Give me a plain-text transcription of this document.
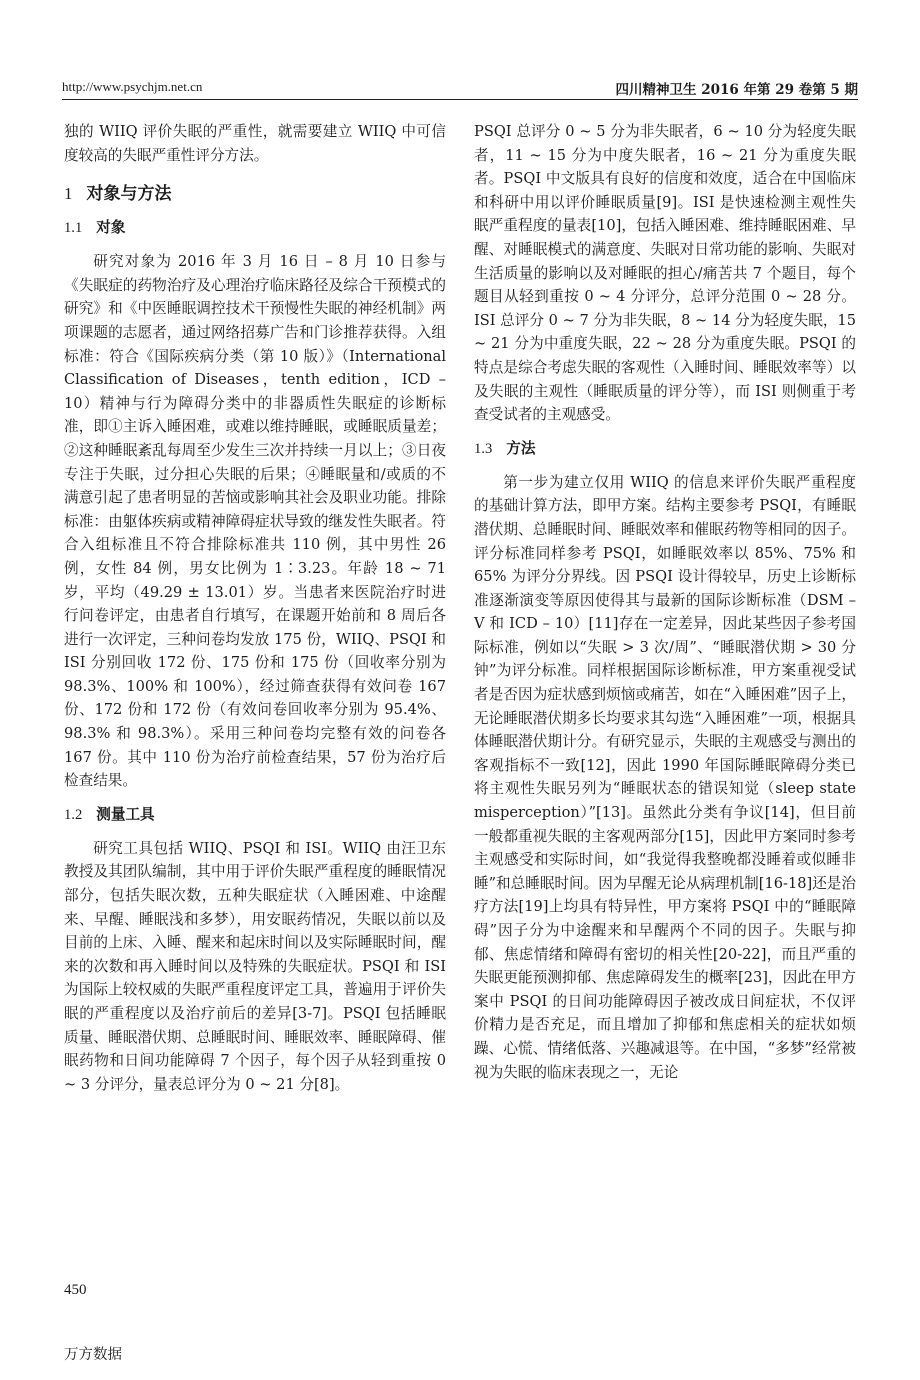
http://www.psychjm.net.cn	四川精神卫生 2016 年第 29 卷第 5 期

独的 WIIQ 评价失眠的严重性，就需要建立 WIIQ 中可信度较高的失眠严重性评分方法。

1 对象与方法
1.1 对象

研究对象为 2016 年 3 月 16 日 – 8 月 10 日参与《失眠症的药物治疗及心理治疗临床路径及综合干预模式的研究》和《中医睡眠调控技术干预慢性失眠的神经机制》两项课题的志愿者，通过网络招募广告和门诊推荐获得。入组标准：符合《国际疾病分类（第 10 版）》（International Classification of Diseases，tenth edition，ICD – 10）精神与行为障碍分类中的非器质性失眠症的诊断标准，即①主诉入睡困难，或难以维持睡眠，或睡眠质量差；②这种睡眠紊乱每周至少发生三次并持续一月以上；③日夜专注于失眠，过分担心失眠的后果；④睡眠量和/或质的不满意引起了患者明显的苦恼或影响其社会及职业功能。排除标准：由躯体疾病或精神障碍症状导致的继发性失眠者。符合入组标准且不符合排除标准共 110 例，其中男性 26 例，女性 84 例，男女比例为 1∶3.23。年龄 18 ~ 71 岁，平均（49.29 ± 13.01）岁。当患者来医院治疗时进行问卷评定，由患者自行填写，在课题开始前和 8 周后各进行一次评定，三种问卷均发放 175 份，WIIQ、PSQI 和 ISI 分别回收 172 份、175 份和 175 份（回收率分别为 98.3%、100% 和 100%），经过筛查获得有效问卷 167 份、172 份和 172 份（有效问卷回收率分别为 95.4%、98.3% 和 98.3%）。采用三种问卷均完整有效的问卷各 167 份。其中 110 份为治疗前检查结果，57 份为治疗后检查结果。

1.2 测量工具

研究工具包括 WIIQ、PSQI 和 ISI。WIIQ 由汪卫东教授及其团队编制，其中用于评价失眠严重程度的睡眠情况部分，包括失眠次数，五种失眠症状（入睡困难、中途醒来、早醒、睡眠浅和多梦），用安眠药情况，失眠以前以及目前的上床、入睡、醒来和起床时间以及实际睡眠时间，醒来的次数和再入睡时间以及特殊的失眠症状。PSQI 和 ISI 为国际上较权威的失眠严重程度评定工具，普遍用于评价失眠的严重程度以及治疗前后的差异[3-7]。PSQI 包括睡眠质量、睡眠潜伏期、总睡眠时间、睡眠效率、睡眠障碍、催眠药物和日间功能障碍 7 个因子，每个因子从轻到重按 0 ~ 3 分评分，量表总评分为 0 ~ 21 分[8]。

PSQI 总评分 0 ~ 5 分为非失眠者，6 ~ 10 分为轻度失眠者，11 ~ 15 分为中度失眠者，16 ~ 21 分为重度失眠者。PSQI 中文版具有良好的信度和效度，适合在中国临床和科研中用以评价睡眠质量[9]。ISI 是快速检测主观性失眠严重程度的量表[10]，包括入睡困难、维持睡眠困难、早醒、对睡眠模式的满意度、失眠对日常功能的影响、失眠对生活质量的影响以及对睡眠的担心/痛苦共 7 个题目，每个题目从轻到重按 0 ~ 4 分评分，总评分范围 0 ~ 28 分。ISI 总评分 0 ~ 7 分为非失眠，8 ~ 14 分为轻度失眠，15 ~ 21 分为中重度失眠，22 ~ 28 分为重度失眠。PSQI 的特点是综合考虑失眠的客观性（入睡时间、睡眠效率等）以及失眠的主观性（睡眠质量的评分等），而 ISI 则侧重于考查受试者的主观感受。

1.3 方法

第一步为建立仅用 WIIQ 的信息来评价失眠严重程度的基础计算方法，即甲方案。结构主要参考 PSQI，有睡眠潜伏期、总睡眠时间、睡眠效率和催眠药物等相同的因子。评分标准同样参考 PSQI，如睡眠效率以 85%、75% 和 65% 为评分分界线。因 PSQI 设计得较早，历史上诊断标准逐渐演变等原因使得其与最新的国际诊断标准（DSM – V 和 ICD – 10）[11]存在一定差异，因此某些因子参考国际标准，例如以“失眠 > 3 次/周”、“睡眠潜伏期 > 30 分钟”为评分标准。同样根据国际诊断标准，甲方案重视受试者是否因为症状感到烦恼或痛苦，如在“入睡困难”因子上，无论睡眠潜伏期多长均要求其勾选“入睡困难”一项，根据具体睡眠潜伏期计分。有研究显示，失眠的主观感受与测出的客观指标不一致[12]，因此 1990 年国际睡眠障碍分类已将主观性失眠另列为“睡眠状态的错误知觉（sleep state misperception）”[13]。虽然此分类有争议[14]，但目前一般都重视失眠的主客观两部分[15]，因此甲方案同时参考主观感受和实际时间，如“我觉得我整晚都没睡着或似睡非睡”和总睡眠时间。因为早醒无论从病理机制[16-18]还是治疗方法[19]上均具有特异性，甲方案将 PSQI 中的“睡眠障碍”因子分为中途醒来和早醒两个不同的因子。失眠与抑郁、焦虑情绪和障碍有密切的相关性[20-22]，而且严重的失眠更能预测抑郁、焦虑障碍发生的概率[23]，因此在甲方案中 PSQI 的日间功能障碍因子被改成日间症状，不仅评价精力是否充足，而且增加了抑郁和焦虑相关的症状如烦躁、心慌、情绪低落、兴趣减退等。在中国，“多梦”经常被视为失眠的临床表现之一，无论

450
万方数据
